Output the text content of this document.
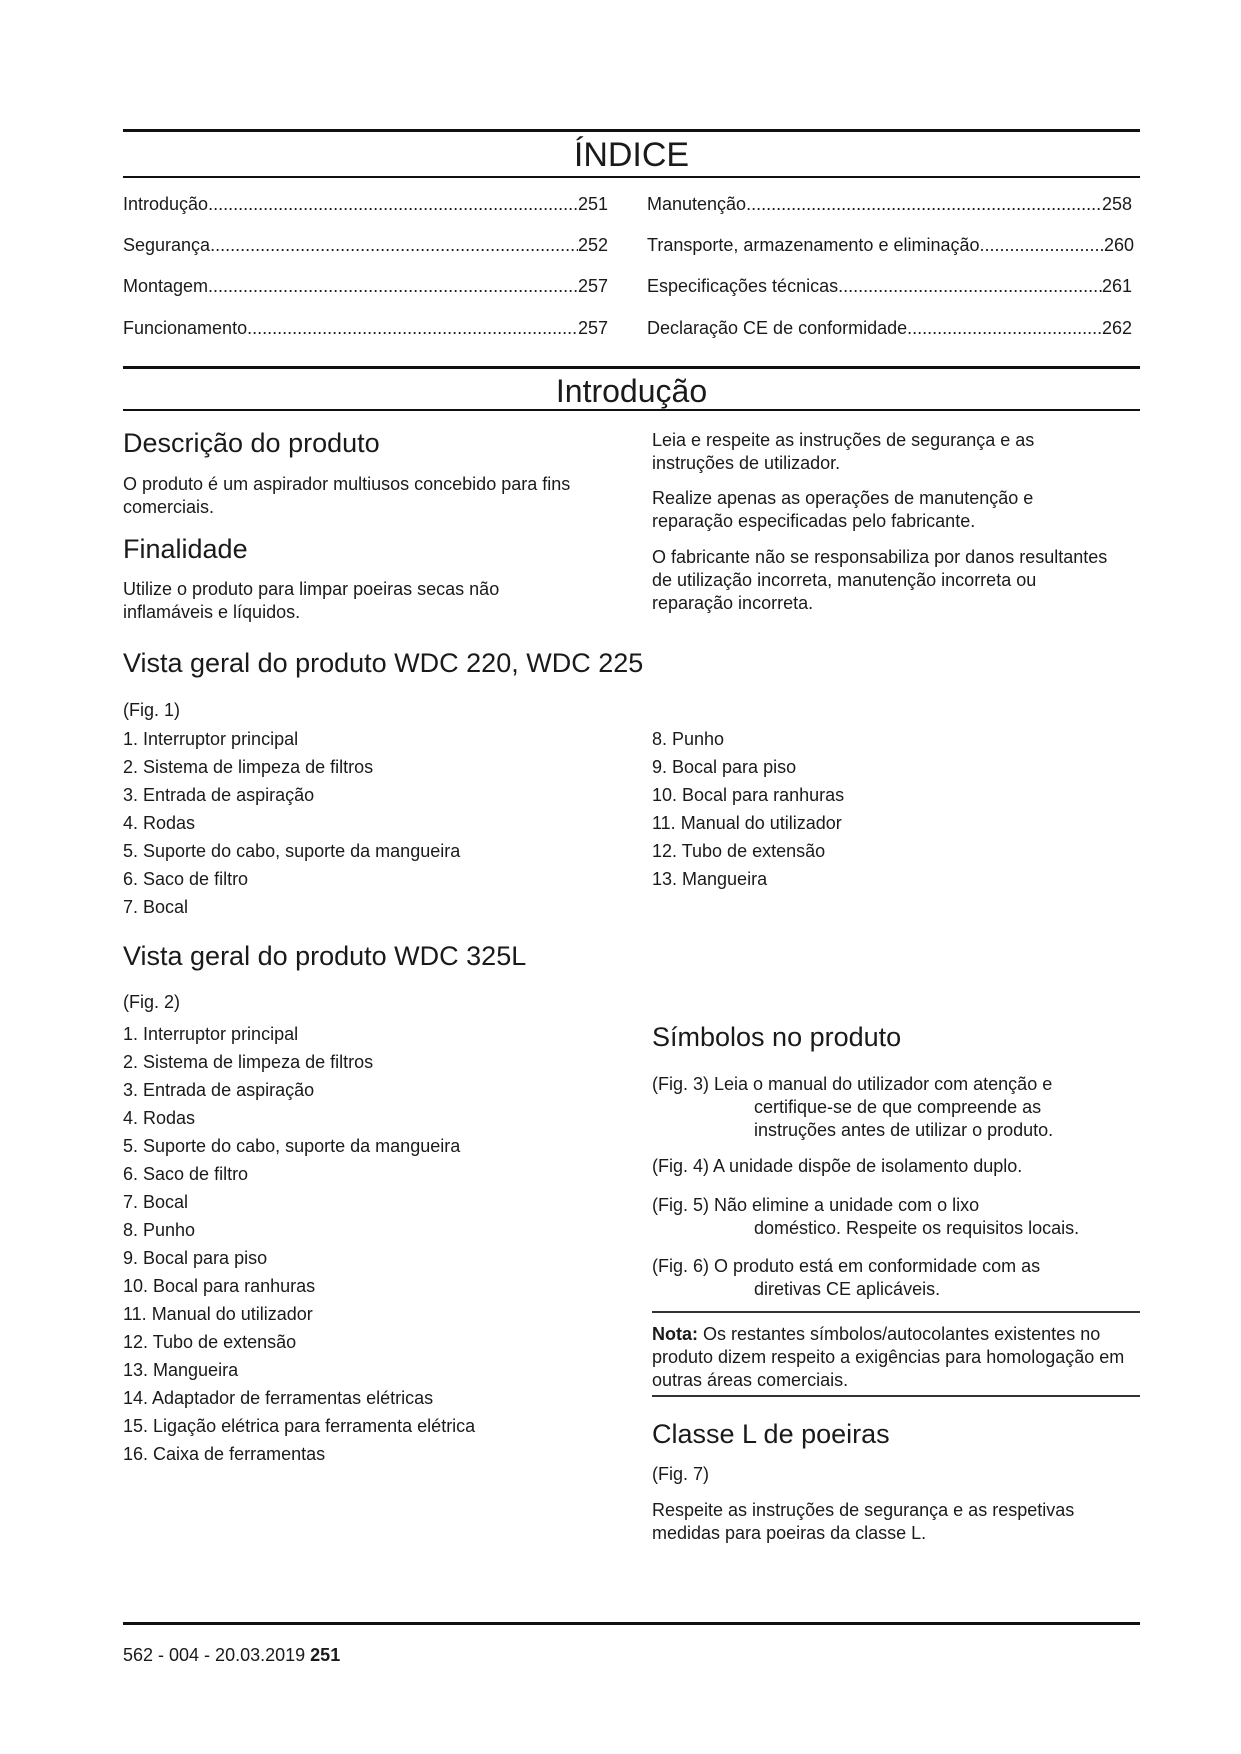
ÍNDICE
Introdução .....	251
Segurança .....	252
Montagem .....	257
Funcionamento .....	257
Manutenção .....	258
Transporte, armazenamento e eliminação .....	260
Especificações técnicas .....	261
Declaração CE de conformidade .....	262
Introdução
Descrição do produto

O produto é um aspirador multiusos concebido para fins comerciais.

Finalidade

Utilize o produto para limpar poeiras secas não inflamáveis e líquidos.

Leia e respeite as instruções de segurança e as instruções de utilizador.

Realize apenas as operações de manutenção e reparação especificadas pelo fabricante.

O fabricante não se responsabiliza por danos resultantes de utilização incorreta, manutenção incorreta ou reparação incorreta.

Vista geral do produto WDC 220, WDC 225

(Fig. 1)

1. Interruptor principal
2. Sistema de limpeza de filtros
3. Entrada de aspiração
4. Rodas
5. Suporte do cabo, suporte da mangueira
6. Saco de filtro
7. Bocal
8. Punho
9. Bocal para piso
10. Bocal para ranhuras
11. Manual do utilizador
12. Tubo de extensão
13. Mangueira
Vista geral do produto WDC 325L

(Fig. 2)

1. Interruptor principal
2. Sistema de limpeza de filtros
3. Entrada de aspiração
4. Rodas
5. Suporte do cabo, suporte da mangueira
6. Saco de filtro
7. Bocal
8. Punho
9. Bocal para piso
10. Bocal para ranhuras
11. Manual do utilizador
12. Tubo de extensão
13. Mangueira
14. Adaptador de ferramentas elétricas
15. Ligação elétrica para ferramenta elétrica
16. Caixa de ferramentas
Símbolos no produto
(Fig. 3) Leia o manual do utilizador com atenção e
certifique-se de que compreende as instruções antes de utilizar o produto.
(Fig. 4) A unidade dispõe de isolamento duplo.
(Fig. 5) Não elimine a unidade com o lixo
doméstico. Respeite os requisitos locais.
(Fig. 6) O produto está em conformidade com as
diretivas CE aplicáveis.

Nota: Os restantes símbolos/autocolantes existentes no produto dizem respeito a exigências para homologação em outras áreas comerciais.

Classe L de poeiras

(Fig. 7)

Respeite as instruções de segurança e as respetivas medidas para poeiras da classe L.

562 - 004 - 20.03.2019 251
